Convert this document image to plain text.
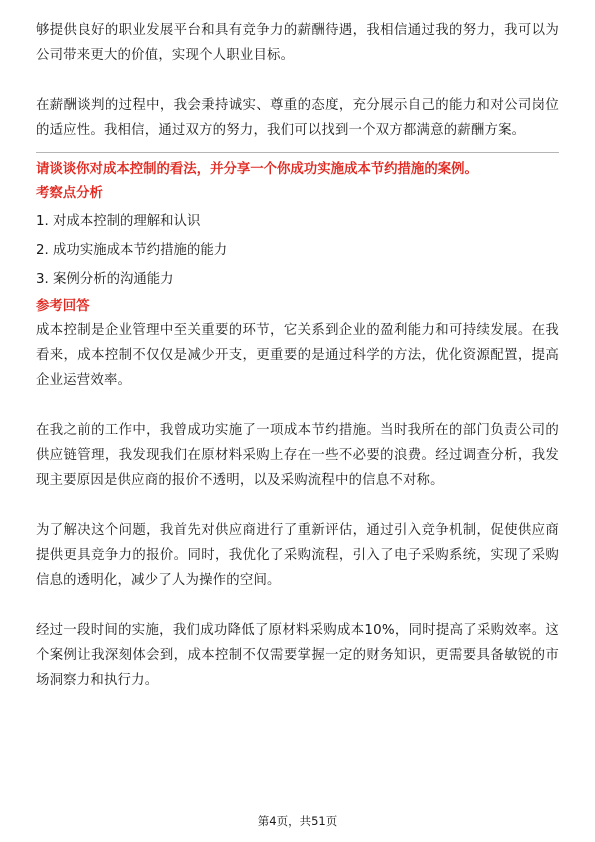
够提供良好的职业发展平台和具有竞争力的薪酬待遇，我相信通过我的努力，我可以为公司带来更大的价值，实现个人职业目标。

在薪酬谈判的过程中，我会秉持诚实、尊重的态度，充分展示自己的能力和对公司岗位的适应性。我相信，通过双方的努力，我们可以找到一个双方都满意的薪酬方案。

请谈谈你对成本控制的看法，并分享一个你成功实施成本节约措施的案例。

考察点分析

1. 对成本控制的理解和认识

2. 成功实施成本节约措施的能力

3. 案例分析的沟通能力

参考回答

成本控制是企业管理中至关重要的环节，它关系到企业的盈利能力和可持续发展。在我看来，成本控制不仅仅是减少开支，更重要的是通过科学的方法，优化资源配置，提高企业运营效率。

在我之前的工作中，我曾成功实施了一项成本节约措施。当时我所在的部门负责公司的供应链管理，我发现我们在原材料采购上存在一些不必要的浪费。经过调查分析，我发现主要原因是供应商的报价不透明，以及采购流程中的信息不对称。

为了解决这个问题，我首先对供应商进行了重新评估，通过引入竞争机制，促使供应商提供更具竞争力的报价。同时，我优化了采购流程，引入了电子采购系统，实现了采购信息的透明化，减少了人为操作的空间。

经过一段时间的实施，我们成功降低了原材料采购成本10%，同时提高了采购效率。这个案例让我深刻体会到，成本控制不仅需要掌握一定的财务知识，更需要具备敏锐的市场洞察力和执行力。

第4页，共51页
